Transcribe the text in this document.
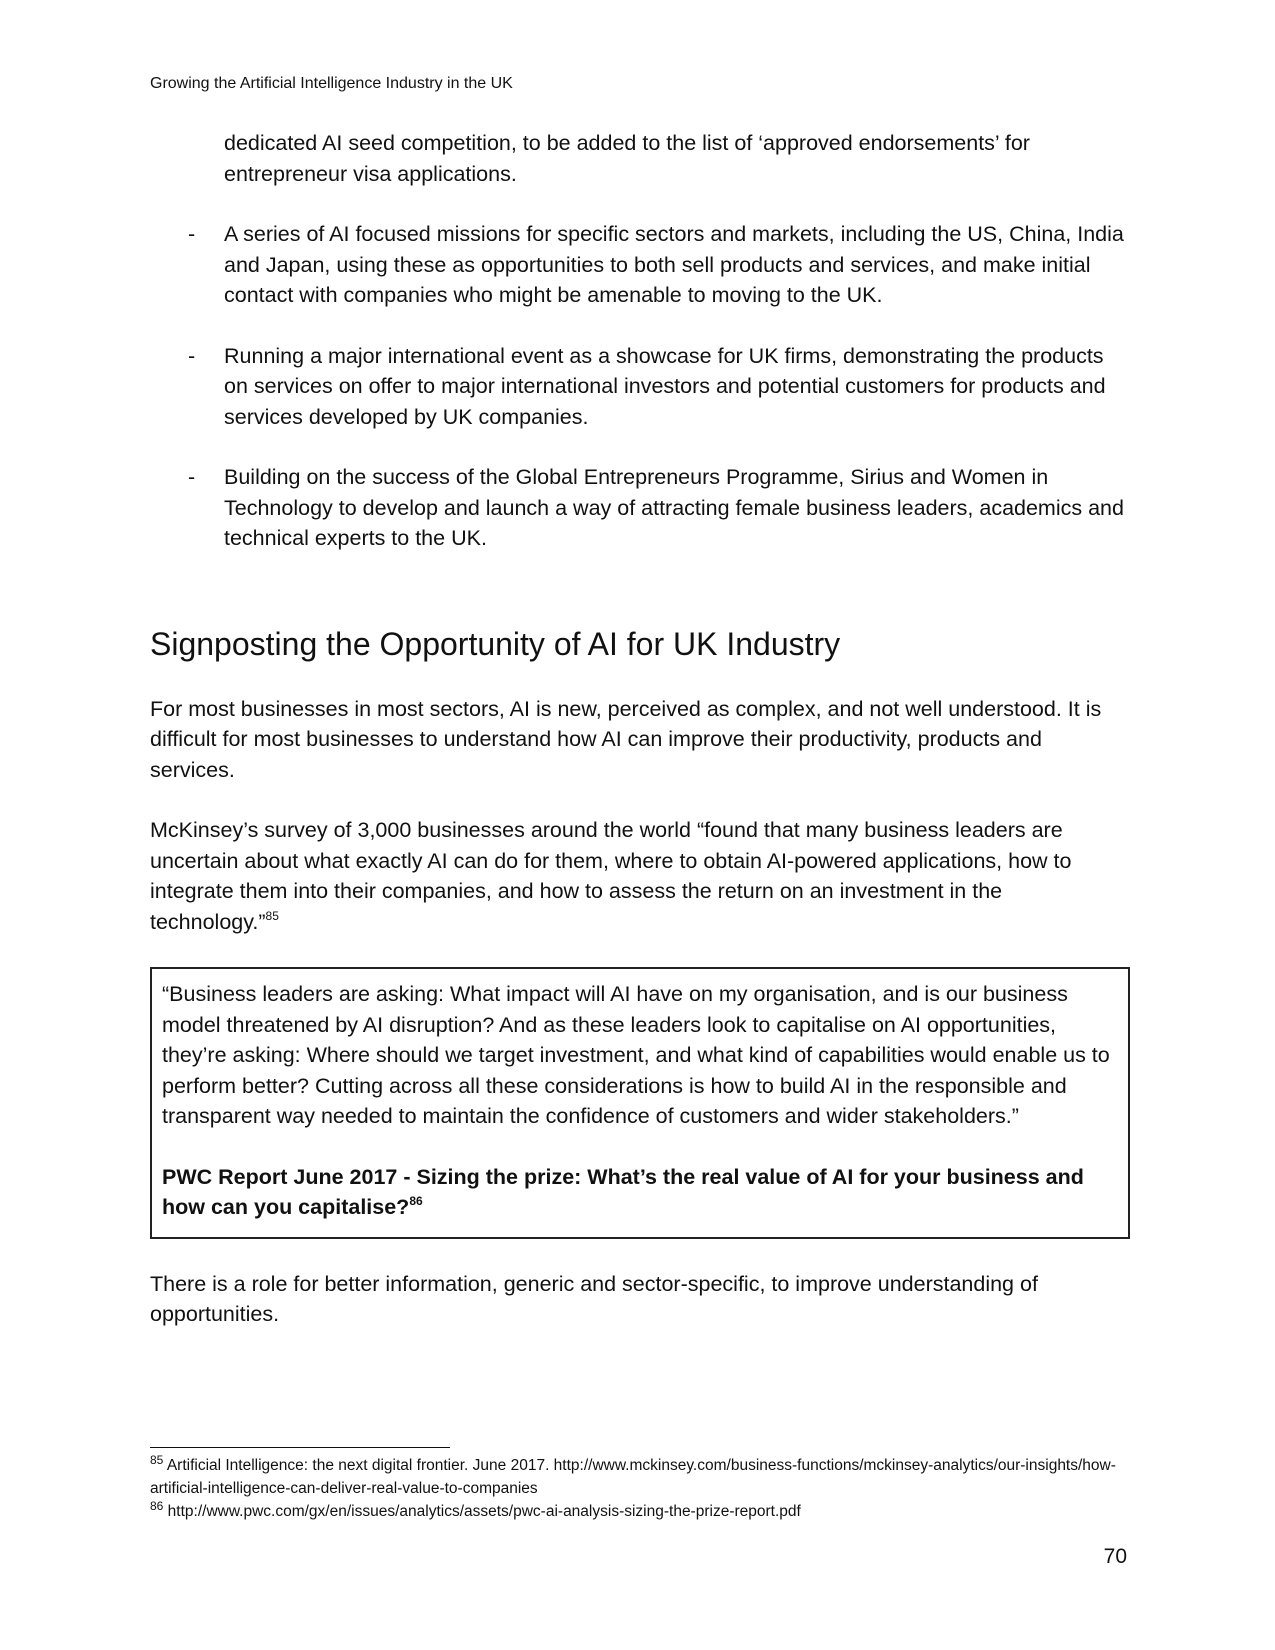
Growing the Artificial Intelligence Industry in the UK

dedicated AI seed competition, to be added to the list of ‘approved endorsements’ for entrepreneur visa applications.

- A series of AI focused missions for specific sectors and markets, including the US, China, India and Japan, using these as opportunities to both sell products and services, and make initial contact with companies who might be amenable to moving to the UK.
- Running a major international event as a showcase for UK firms, demonstrating the products on services on offer to major international investors and potential customers for products and services developed by UK companies.
- Building on the success of the Global Entrepreneurs Programme, Sirius and Women in Technology to develop and launch a way of attracting female business leaders, academics and technical experts to the UK.
Signposting the Opportunity of AI for UK Industry

For most businesses in most sectors, AI is new, perceived as complex, and not well understood. It is difficult for most businesses to understand how AI can improve their productivity, products and services.

McKinsey’s survey of 3,000 businesses around the world “found that many business leaders are uncertain about what exactly AI can do for them, where to obtain AI-powered applications, how to integrate them into their companies, and how to assess the return on an investment in the technology.”$^{85}$

“Business leaders are asking: What impact will AI have on my organisation, and is our business model threatened by AI disruption? And as these leaders look to capitalise on AI opportunities, they’re asking: Where should we target investment, and what kind of capabilities would enable us to perform better? Cutting across all these considerations is how to build AI in the responsible and transparent way needed to maintain the confidence of customers and wider stakeholders.”
PWC Report June 2017 - Sizing the prize: What’s the real value of AI for your business and how can you capitalise?$^{86}$

There is a role for better information, generic and sector-specific, to improve understanding of opportunities.

$^{85}$ Artificial Intelligence: the next digital frontier. June 2017. http://www.mckinsey.com/business-functions/mckinsey-analytics/our-insights/how-artificial-intelligence-can-deliver-real-value-to-companies
$^{86}$ http://www.pwc.com/gx/en/issues/analytics/assets/pwc-ai-analysis-sizing-the-prize-report.pdf
70
